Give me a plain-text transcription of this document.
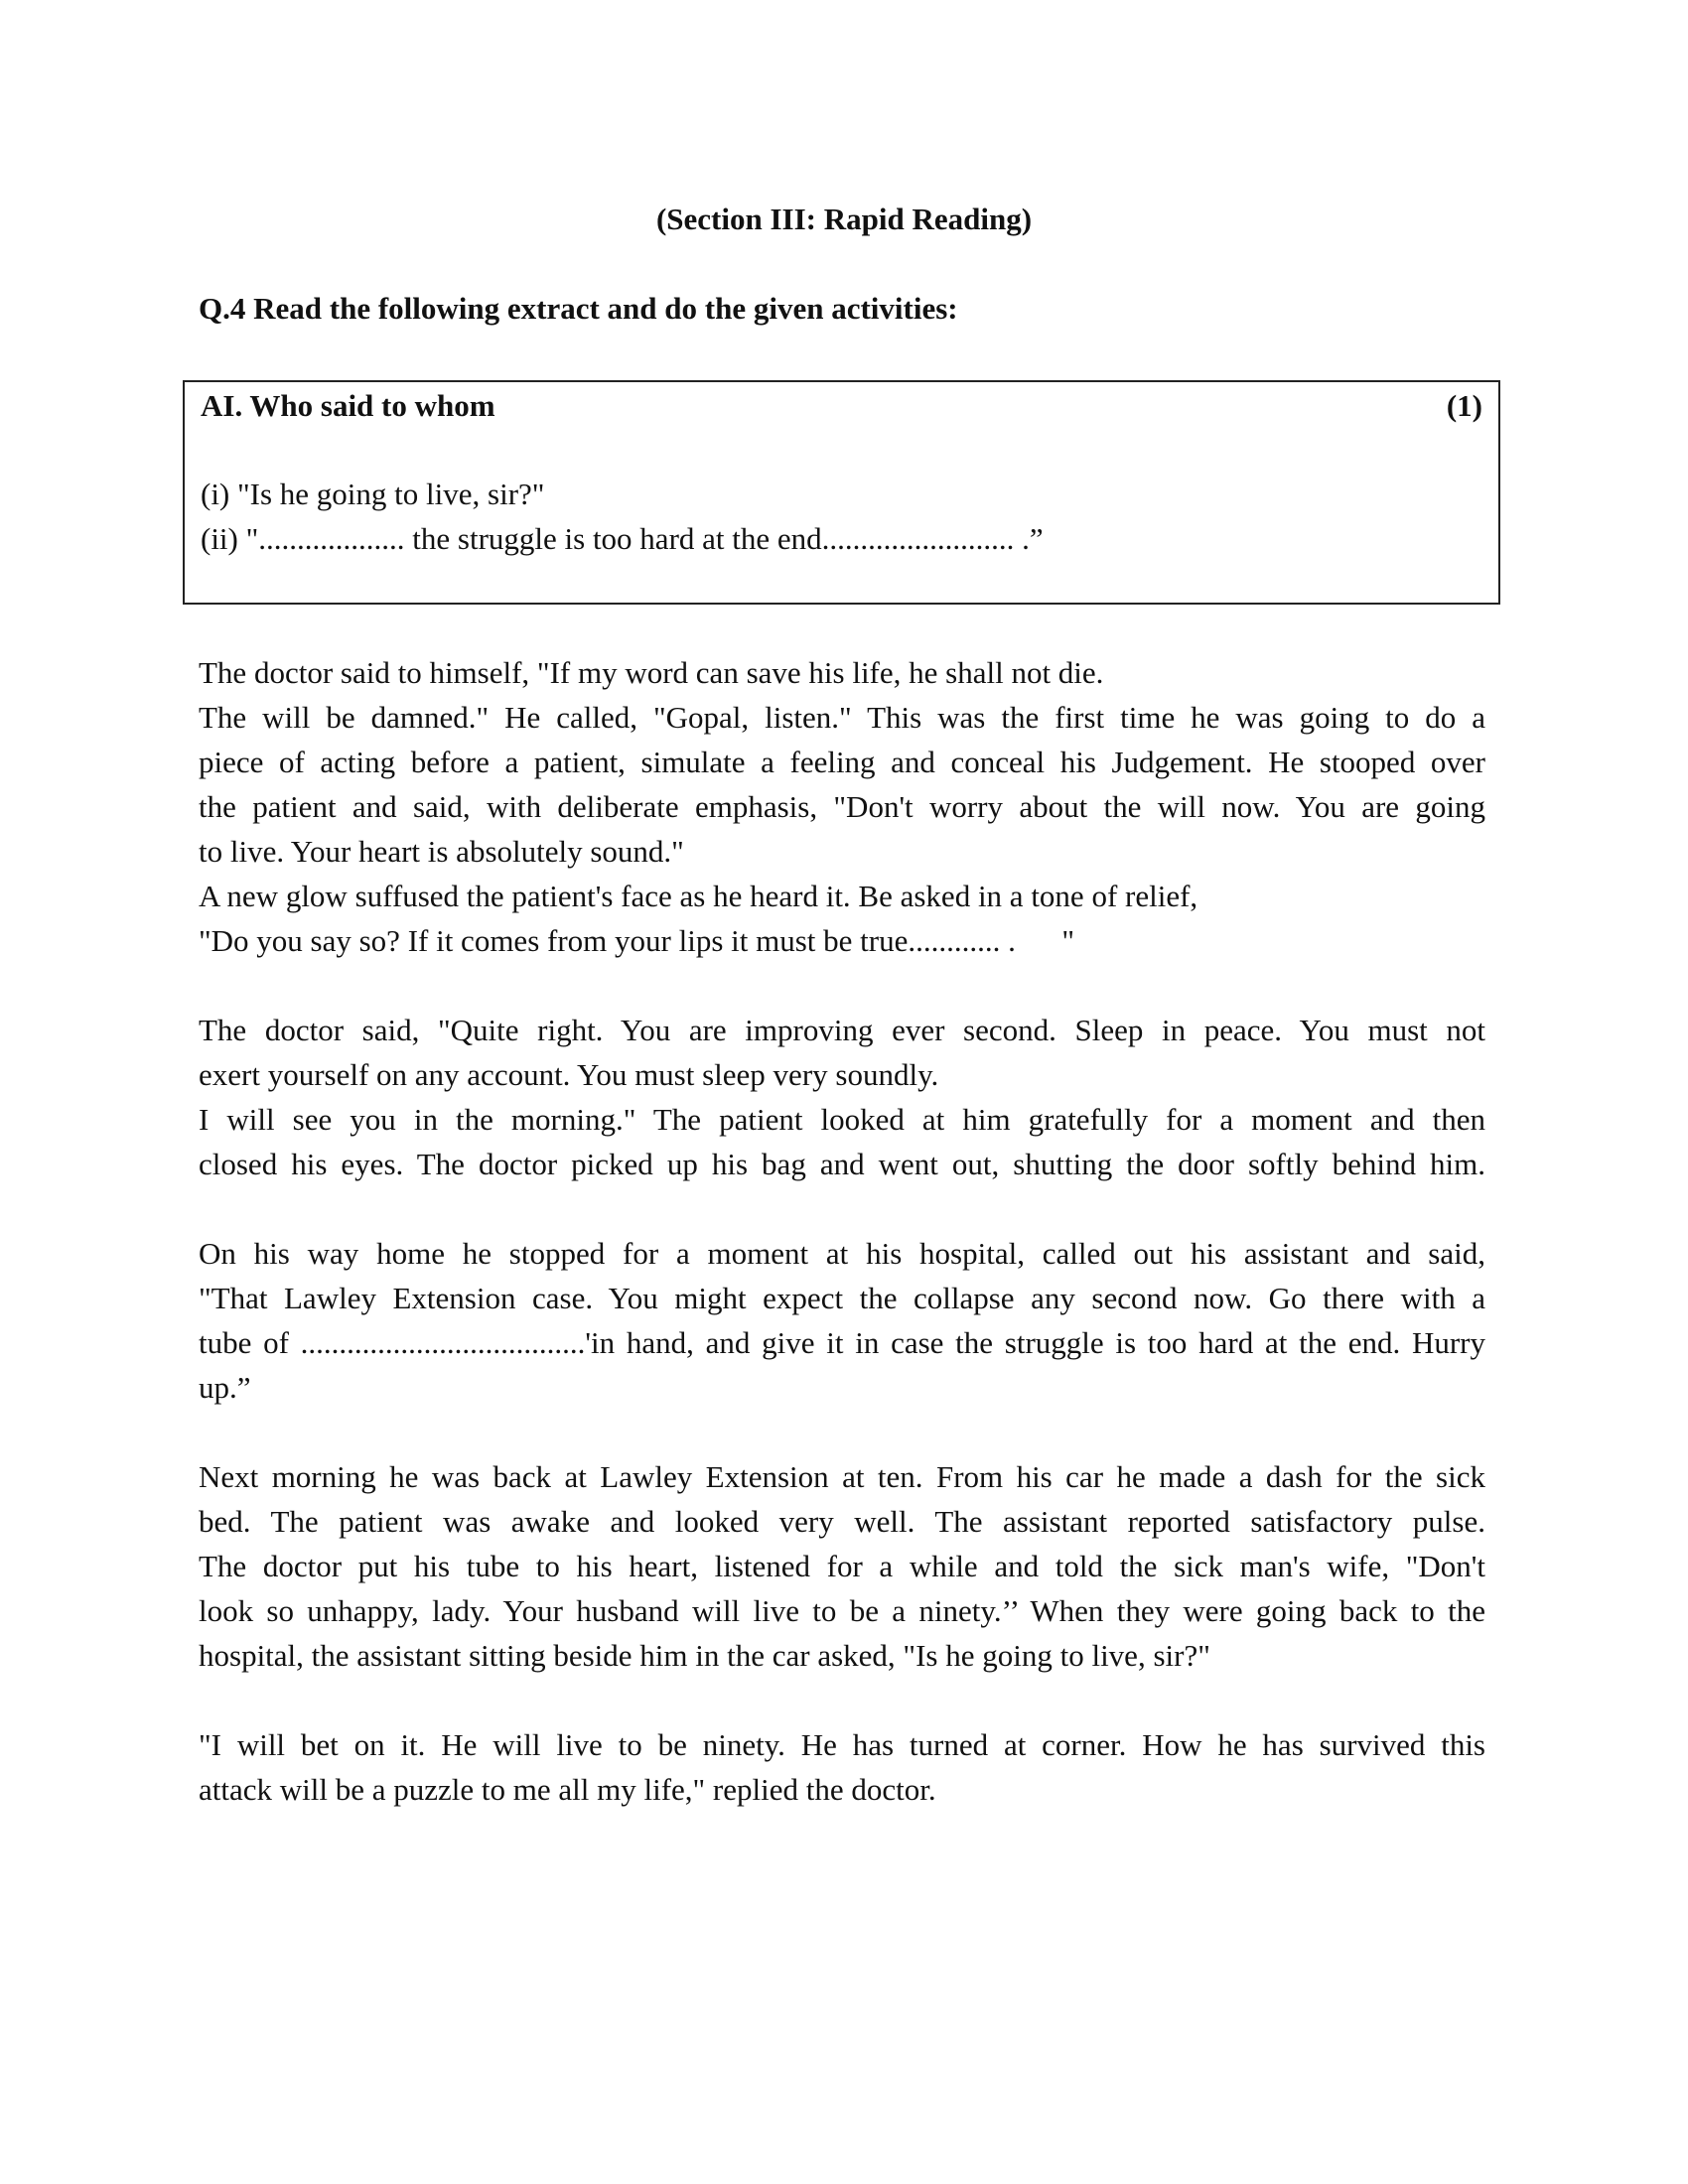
(Section III: Rapid Reading)
Q.4 Read the following extract and do the given activities:
AI. Who said to whom	(1)
(i) "Is he going to live, sir?"
(ii) "................... the struggle is too hard at the end......................... .”
The doctor said to himself, "If my word can save his life, he shall not die.
The will be damned." He called, "Gopal, listen." This was the first time he was going to do a
piece of acting before a patient, simulate a feeling and conceal his Judgement. He stooped over
the patient and said, with deliberate emphasis, "Don't worry about the will now. You are going
to live. Your heart is absolutely sound."
A new glow suffused the patient's face as he heard it. Be asked in a tone of relief,
"Do you say so? If it comes from your lips it must be true............ .      "
The doctor said, "Quite right. You are improving ever second. Sleep in peace. You must not
exert yourself on any account. You must sleep very soundly.
I will see you in the morning." The patient looked at him gratefully for a moment and then
closed his eyes. The doctor picked up his bag and went out, shutting the door softly behind him.
On his way home he stopped for a moment at his hospital, called out his assistant and said,
"That Lawley Extension case. You might expect the collapse any second now. Go there with a
tube of .....................................'in hand, and give it in case the struggle is too hard at the end. Hurry
up.”
Next morning he was back at Lawley Extension at ten. From his car he made a dash for the sick
bed. The patient was awake and looked very well. The assistant reported satisfactory pulse.
The doctor put his tube to his heart, listened for a while and told the sick man's wife, "Don't
look so unhappy, lady. Your husband will live to be a ninety.’’ When they were going back to the
hospital, the assistant sitting beside him in the car asked, "Is he going to live, sir?"
"I will bet on it. He will live to be ninety. He has turned at corner. How he has survived this
attack will be a puzzle to me all my life," replied the doctor.
